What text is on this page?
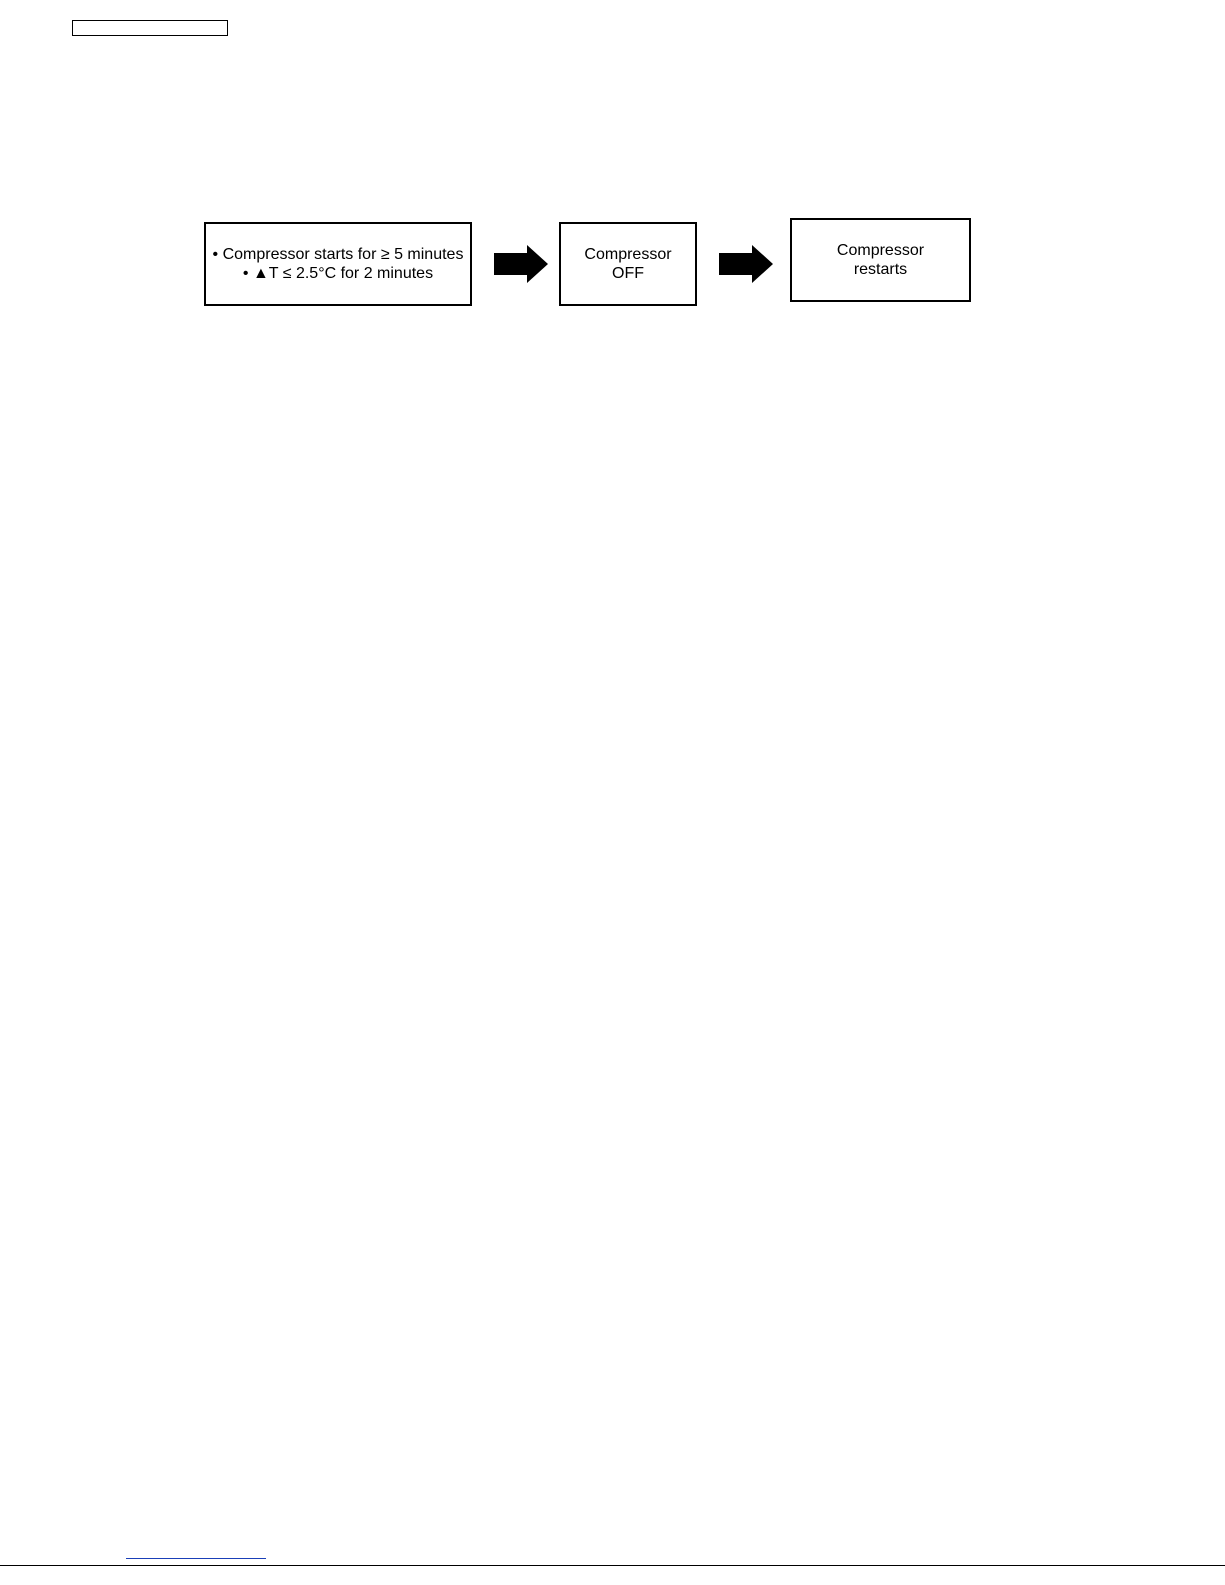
• Compressor starts for ≥ 5 minutes
• ▲T ≤ 2.5°C for 2 minutes
Compressor
OFF
Compressor
restarts
